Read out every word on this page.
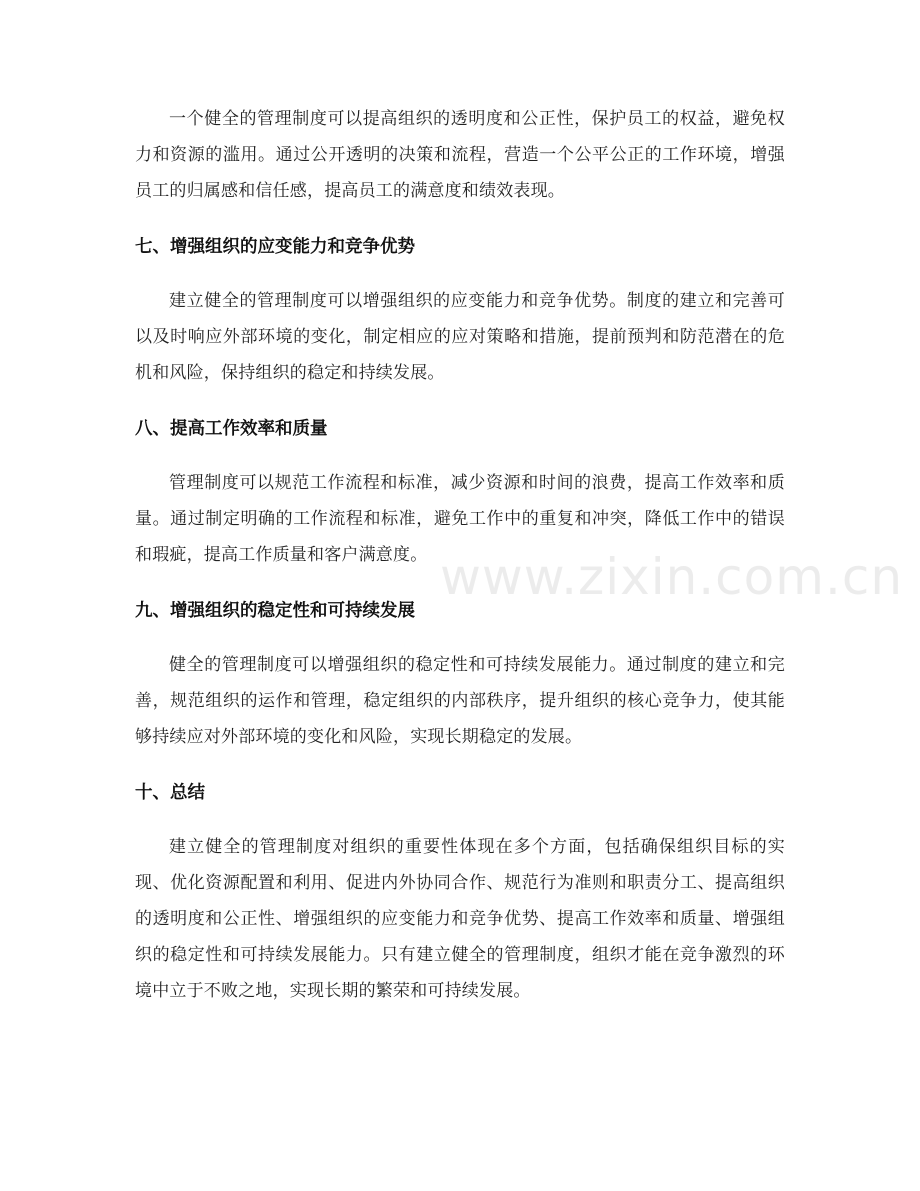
www.zixin.com.cn

一个健全的管理制度可以提高组织的透明度和公正性，保护员工的权益，避免权力和资源的滥用。通过公开透明的决策和流程，营造一个公平公正的工作环境，增强员工的归属感和信任感，提高员工的满意度和绩效表现。

七、增强组织的应变能力和竞争优势

建立健全的管理制度可以增强组织的应变能力和竞争优势。制度的建立和完善可以及时响应外部环境的变化，制定相应的应对策略和措施，提前预判和防范潜在的危机和风险，保持组织的稳定和持续发展。

八、提高工作效率和质量

管理制度可以规范工作流程和标准，减少资源和时间的浪费，提高工作效率和质量。通过制定明确的工作流程和标准，避免工作中的重复和冲突，降低工作中的错误和瑕疵，提高工作质量和客户满意度。

九、增强组织的稳定性和可持续发展

健全的管理制度可以增强组织的稳定性和可持续发展能力。通过制度的建立和完善，规范组织的运作和管理，稳定组织的内部秩序，提升组织的核心竞争力，使其能够持续应对外部环境的变化和风险，实现长期稳定的发展。

十、总结

建立健全的管理制度对组织的重要性体现在多个方面，包括确保组织目标的实现、优化资源配置和利用、促进内外协同合作、规范行为准则和职责分工、提高组织的透明度和公正性、增强组织的应变能力和竞争优势、提高工作效率和质量、增强组织的稳定性和可持续发展能力。只有建立健全的管理制度，组织才能在竞争激烈的环境中立于不败之地，实现长期的繁荣和可持续发展。
